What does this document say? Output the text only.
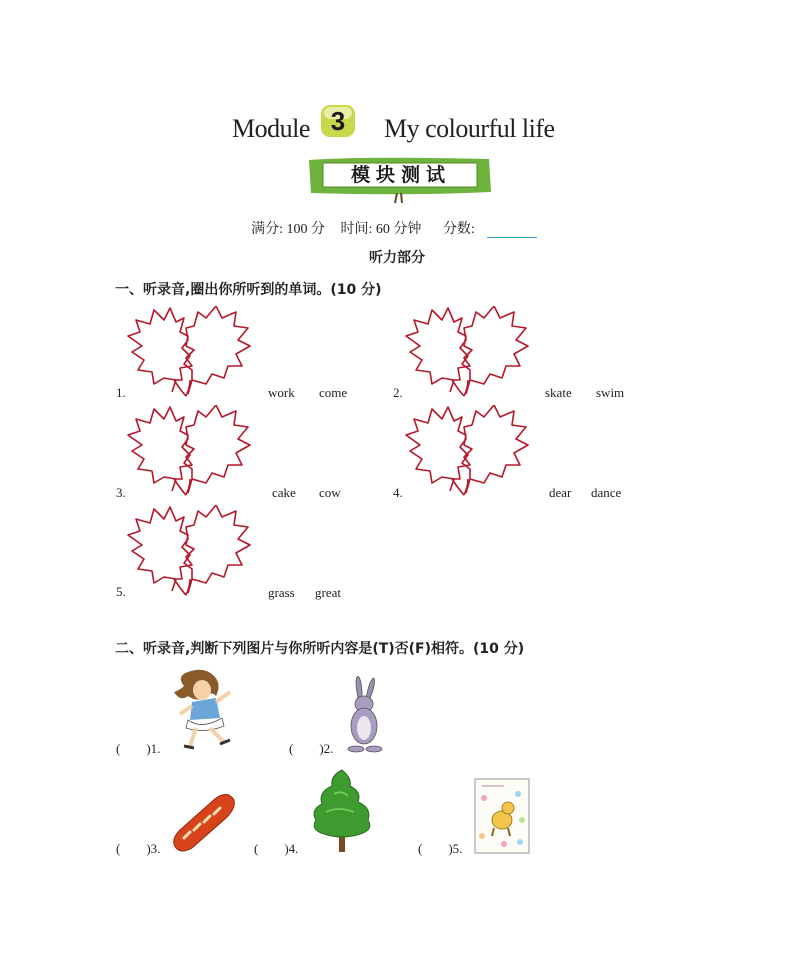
Module 3	My colourful life
模块测试
满分: 100 分 时间: 60 分钟 分数:
听力部分
一、听录音,圈出你所听到的单词。(10 分)
1.	work come	2.	skate swim
3.	cake cow	4.	dear dance
5.	grass great
二、听录音,判断下列图片与你所听内容是(T)否(F)相符。(10 分)
(        )1.	(        )2.
(        )3.	(        )4.	(        )5.
